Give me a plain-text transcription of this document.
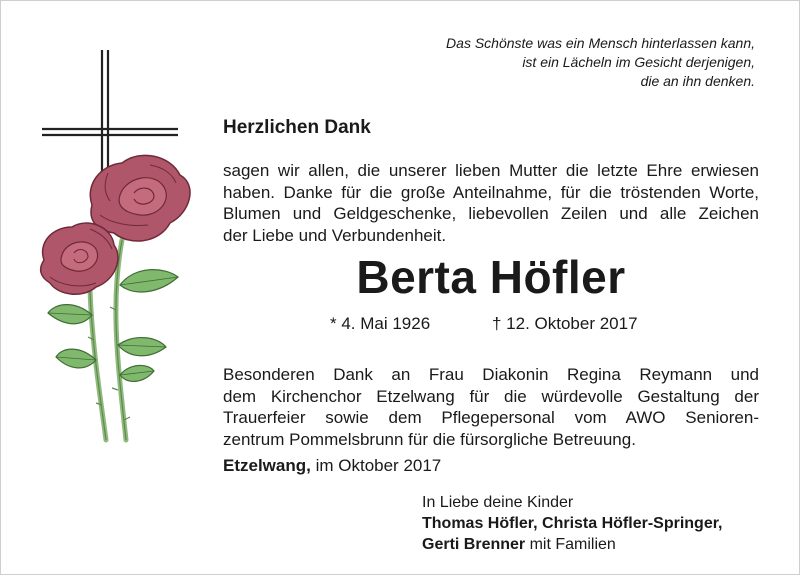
Das Schönste was ein Mensch hinterlassen kann,
ist ein Lächeln im Gesicht derjenigen,
die an ihn denken.
Herzlichen Dank
sagen wir allen, die unserer lieben Mutter die letzte Ehre erwiesen
haben. Danke für die große Anteilnahme, für die tröstenden Worte,
Blumen und Geldgeschenke, liebevollen Zeilen und alle Zeichen
der Liebe und Verbundenheit.
Berta Höfler
* 4. Mai 1926	† 12. Oktober 2017
Besonderen Dank an Frau Diakonin Regina Reymann und
dem Kirchenchor Etzelwang für die würdevolle Gestaltung der
Trauerfeier sowie dem Pflegepersonal vom AWO Senioren-
zentrum Pommelsbrunn für die fürsorgliche Betreuung.
Etzelwang, im Oktober 2017
In Liebe deine Kinder
Thomas Höfler, Christa Höfler-Springer,
Gerti Brenner mit Familien
